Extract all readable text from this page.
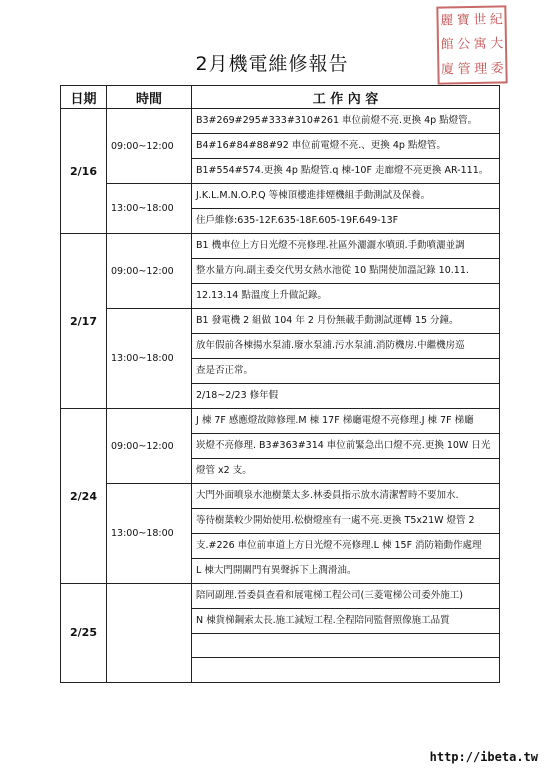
麗 寶 世 紀
館 公 寓 大
廈 管 理 委
2月機電維修報告
日期	時間	工 作 內 容
2/16	09:00~12:00	B3#269#295#333#310#261 車位前燈不亮.更換 4p 點燈管。
		B4#16#84#88#92 車位前電燈不亮.、更換 4p 點燈管。
		B1#554#574.更換 4p 點燈管.q 棟-10F 走廊燈不亮更換 AR-111。
	13:00~18:00	J.K.L.M.N.O.P.Q 等棟頂樓進排煙機組手動測試及保養。
		住戶維修:635-12F.635-18F.605-19F.649-13F
2/17	09:00~12:00	B1 機車位上方日光燈不亮修理.社區外灑灑水噴頭.手動噴灑並調
		整水量方向.副主委交代男女熱水池從 10 點開使加溫記錄 10.11.
		12.13.14 點溫度上升做記錄。
	13:00~18:00	B1 發電機 2 組做 104 年 2 月份無載手動測試運轉 15 分鐘。
		放年假前各棟揚水泵浦.廢水泵浦.污水泵浦.消防機房.中繼機房巡
		查是否正常。
		2/18~2/23 修年假
2/24	09:00~12:00	J 棟 7F 感應燈故障修理.M 棟 17F 梯廳電燈不亮修理.J 棟 7F 梯廳
		崁燈不亮修理. B3#363#314 車位前緊急出口燈不亮.更換 10W 日光
		燈管 x2 支。
	13:00~18:00	大門外面噴泉水池樹葉太多.林委員指示放水清潔暫時不要加水.
		等待樹葉較少開始使用.松樹燈座有一處不亮.更換 T5x21W 燈管 2
		支.#226 車位前車道上方日光燈不亮修理.L 棟 15F 消防箱動作處理
		L 棟大門開關門有異聲拆下上潤滑油。
2/25		陪同副理.晉委員查看和展電梯工程公司(三菱電梯公司委外施工)
		N 棟貨梯鋼索太長.施工減短工程.全程陪同監督照像施工品質

http://ibeta.tw
